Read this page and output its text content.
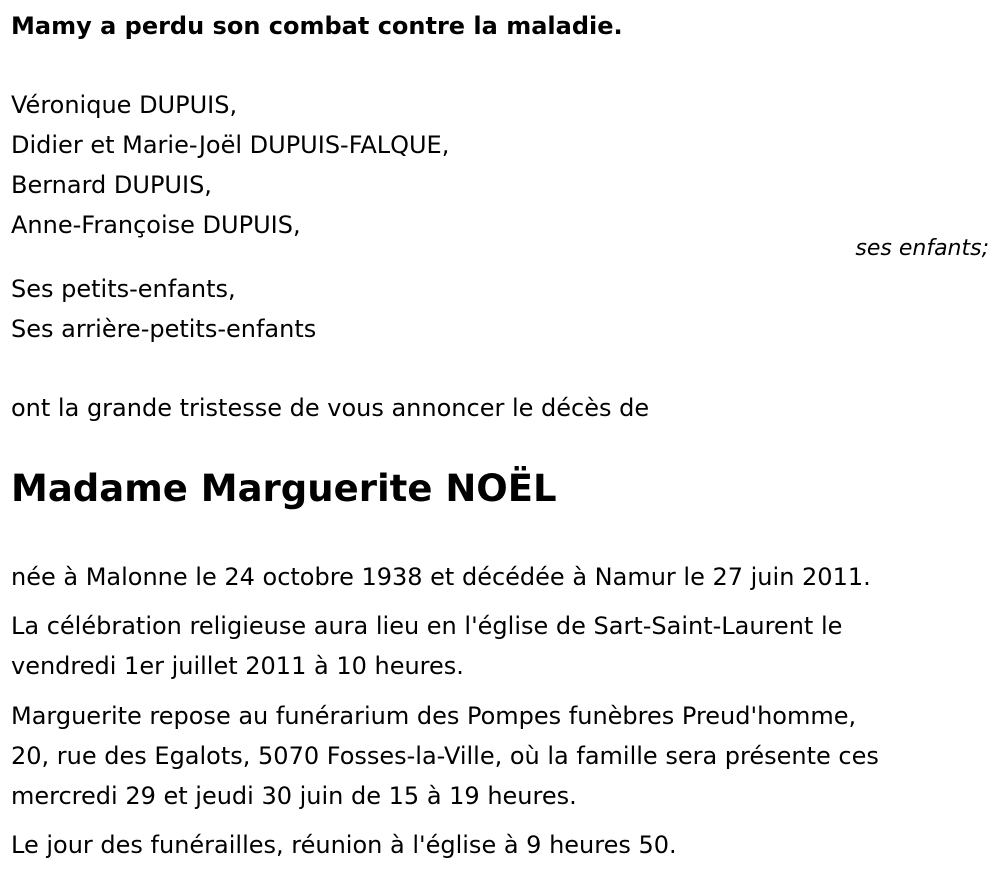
Mamy a perdu son combat contre la maladie.
Véronique DUPUIS,
Didier et Marie-Joël DUPUIS-FALQUE,
Bernard DUPUIS,
Anne-Françoise DUPUIS,
ses enfants;
Ses petits-enfants,
Ses arrière-petits-enfants
ont la grande tristesse de vous annoncer le décès de
Madame Marguerite NOËL
née à Malonne le 24 octobre 1938 et décédée à Namur le 27 juin 2011.
La célébration religieuse aura lieu en l'église de Sart-Saint-Laurent le
vendredi 1er juillet 2011 à 10 heures.
Marguerite repose au funérarium des Pompes funèbres Preud'homme,
20, rue des Egalots, 5070 Fosses-la-Ville, où la famille sera présente ces
mercredi 29 et jeudi 30 juin de 15 à 19 heures.
Le jour des funérailles, réunion à l'église à 9 heures 50.
